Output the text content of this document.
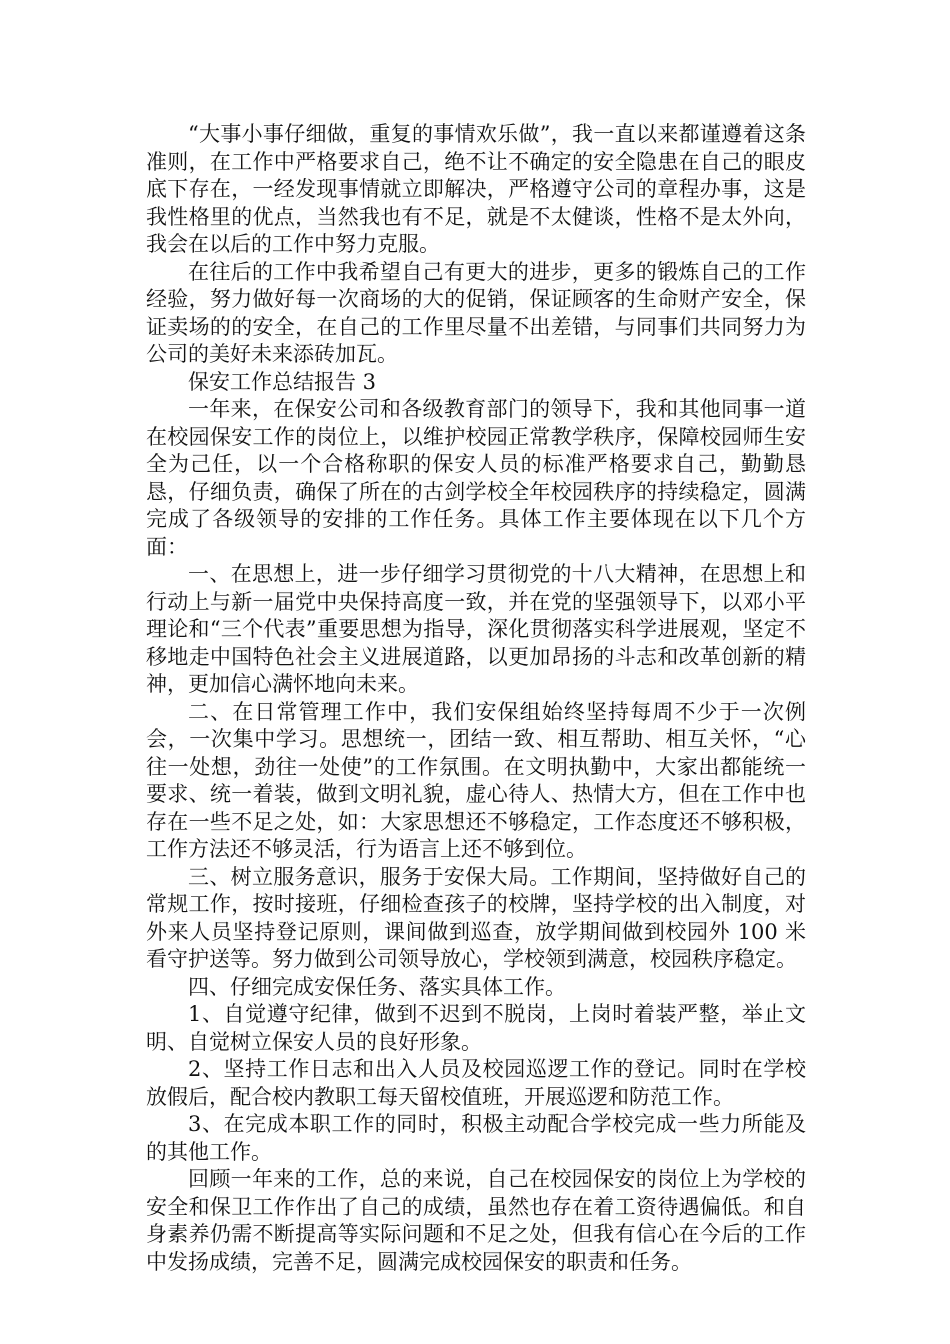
“大事小事仔细做，重复的事情欢乐做”，我一直以来都谨遵着这条准则，在工作中严格要求自己，绝不让不确定的安全隐患在自己的眼皮底下存在，一经发现事情就立即解决，严格遵守公司的章程办事，这是我性格里的优点，当然我也有不足，就是不太健谈，性格不是太外向，我会在以后的工作中努力克服。

在往后的工作中我希望自己有更大的进步，更多的锻炼自己的工作经验，努力做好每一次商场的大的促销，保证顾客的生命财产安全，保证卖场的的安全，在自己的工作里尽量不出差错，与同事们共同努力为公司的美好未来添砖加瓦。

保安工作总结报告 3

一年来，在保安公司和各级教育部门的领导下，我和其他同事一道在校园保安工作的岗位上，以维护校园正常教学秩序，保障校园师生安全为己任，以一个合格称职的保安人员的标准严格要求自己，勤勤恳恳，仔细负责，确保了所在的古剑学校全年校园秩序的持续稳定，圆满完成了各级领导的安排的工作任务。具体工作主要体现在以下几个方面：

一、在思想上，进一步仔细学习贯彻党的十八大精神，在思想上和行动上与新一届党中央保持高度一致，并在党的坚强领导下，以邓小平理论和“三个代表”重要思想为指导，深化贯彻落实科学进展观，坚定不移地走中国特色社会主义进展道路，以更加昂扬的斗志和改革创新的精神，更加信心满怀地向未来。

二、在日常管理工作中，我们安保组始终坚持每周不少于一次例会，一次集中学习。思想统一，团结一致、相互帮助、相互关怀，“心往一处想，劲往一处使”的工作氛围。在文明执勤中，大家出都能统一要求、统一着装，做到文明礼貌，虚心待人、热情大方，但在工作中也存在一些不足之处，如：大家思想还不够稳定，工作态度还不够积极，工作方法还不够灵活，行为语言上还不够到位。

三、树立服务意识，服务于安保大局。工作期间，坚持做好自己的常规工作，按时接班，仔细检查孩子的校牌，坚持学校的出入制度，对外来人员坚持登记原则，课间做到巡查，放学期间做到校园外 100 米看守护送等。努力做到公司领导放心，学校领到满意，校园秩序稳定。

四、仔细完成安保任务、落实具体工作。

1、自觉遵守纪律，做到不迟到不脱岗，上岗时着装严整，举止文明、自觉树立保安人员的良好形象。

2、坚持工作日志和出入人员及校园巡逻工作的登记。同时在学校放假后，配合校内教职工每天留校值班，开展巡逻和防范工作。

3、在完成本职工作的同时，积极主动配合学校完成一些力所能及的其他工作。

回顾一年来的工作，总的来说，自己在校园保安的岗位上为学校的安全和保卫工作作出了自己的成绩，虽然也存在着工资待遇偏低。和自身素养仍需不断提高等实际问题和不足之处，但我有信心在今后的工作中发扬成绩，完善不足，圆满完成校园保安的职责和任务。
